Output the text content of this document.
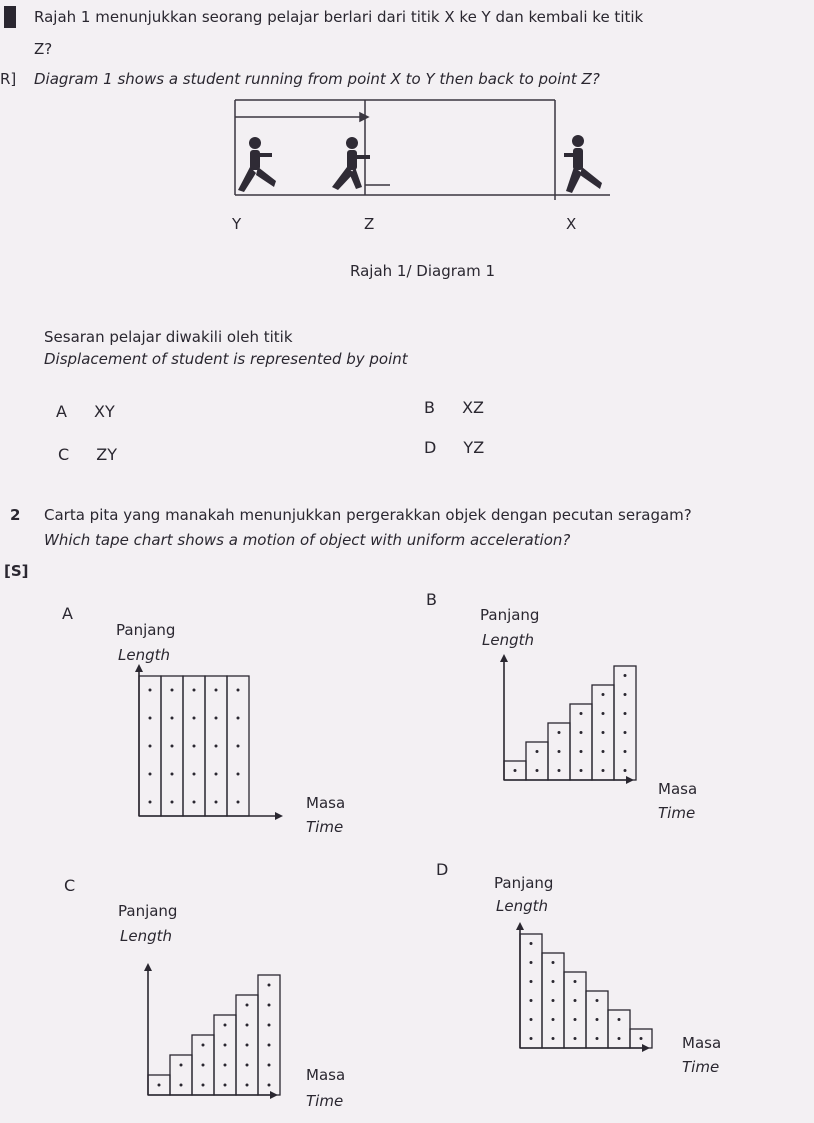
Rajah 1 menunjukkan seorang pelajar berlari dari titik X ke Y dan kembali ke titik
Z?
R] Diagram 1 shows a student running from point X to Y then back to point Z?
Y	Z	X
Rajah 1/ Diagram 1
Sesaran pelajar diwakili oleh titik
Displacement of student is represented by point
A XY	B XZ
C ZY	D YZ
2 Carta pita yang manakah menunjukkan pergerakkan objek dengan pecutan seragam?
Which tape chart shows a motion of object with uniform acceleration?
[S]
A
Panjang
Length
Masa
Time
B
Panjang
Length
Masa
Time
C
Panjang
Length
Masa
Time
D
Panjang
Length
Masa
Time
